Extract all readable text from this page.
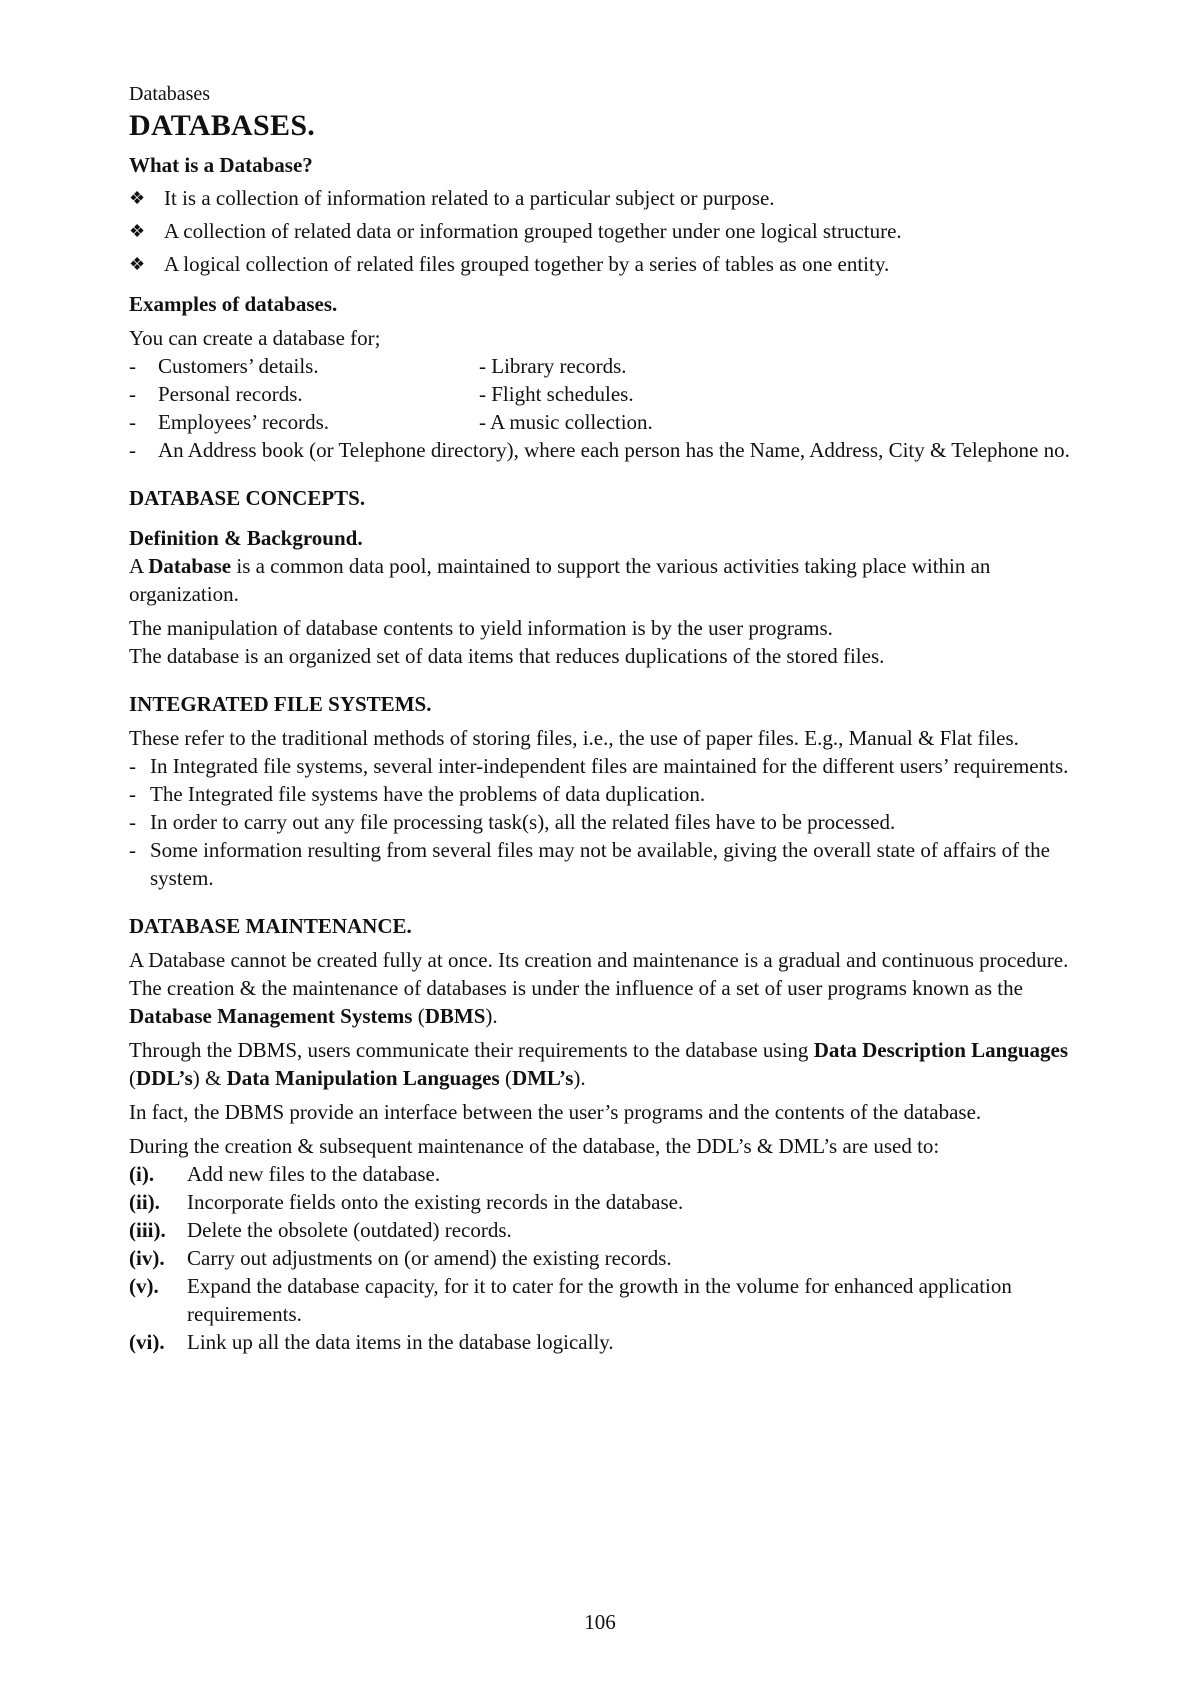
Databases
DATABASES.
What is a Database?
❖ It is a collection of information related to a particular subject or purpose.
❖ A collection of related data or information grouped together under one logical structure.
❖ A logical collection of related files grouped together by a series of tables as one entity.
Examples of databases.

You can create a database for;

- Customers’ details.	- Library records.
- Personal records.	- Flight schedules.
- Employees’ records.	- A music collection.
- An Address book (or Telephone directory), where each person has the Name, Address, City & Telephone no.
DATABASE CONCEPTS.
Definition & Background.

A Database is a common data pool, maintained to support the various activities taking place within an organization.

The manipulation of database contents to yield information is by the user programs.

The database is an organized set of data items that reduces duplications of the stored files.

INTEGRATED FILE SYSTEMS.

These refer to the traditional methods of storing files, i.e., the use of paper files. E.g., Manual & Flat files.

- In Integrated file systems, several inter-independent files are maintained for the different users’ requirements.
- The Integrated file systems have the problems of data duplication.
- In order to carry out any file processing task(s), all the related files have to be processed.
- Some information resulting from several files may not be available, giving the overall state of affairs of the system.
DATABASE MAINTENANCE.

A Database cannot be created fully at once. Its creation and maintenance is a gradual and continuous procedure. The creation & the maintenance of databases is under the influence of a set of user programs known as the Database Management Systems (DBMS).

Through the DBMS, users communicate their requirements to the database using Data Description Languages (DDL’s) & Data Manipulation Languages (DML’s).

In fact, the DBMS provide an interface between the user’s programs and the contents of the database.

During the creation & subsequent maintenance of the database, the DDL’s & DML’s are used to:

(i). Add new files to the database.
(ii). Incorporate fields onto the existing records in the database.
(iii). Delete the obsolete (outdated) records.
(iv). Carry out adjustments on (or amend) the existing records.
(v). Expand the database capacity, for it to cater for the growth in the volume for enhanced application requirements.
(vi). Link up all the data items in the database logically.
106
